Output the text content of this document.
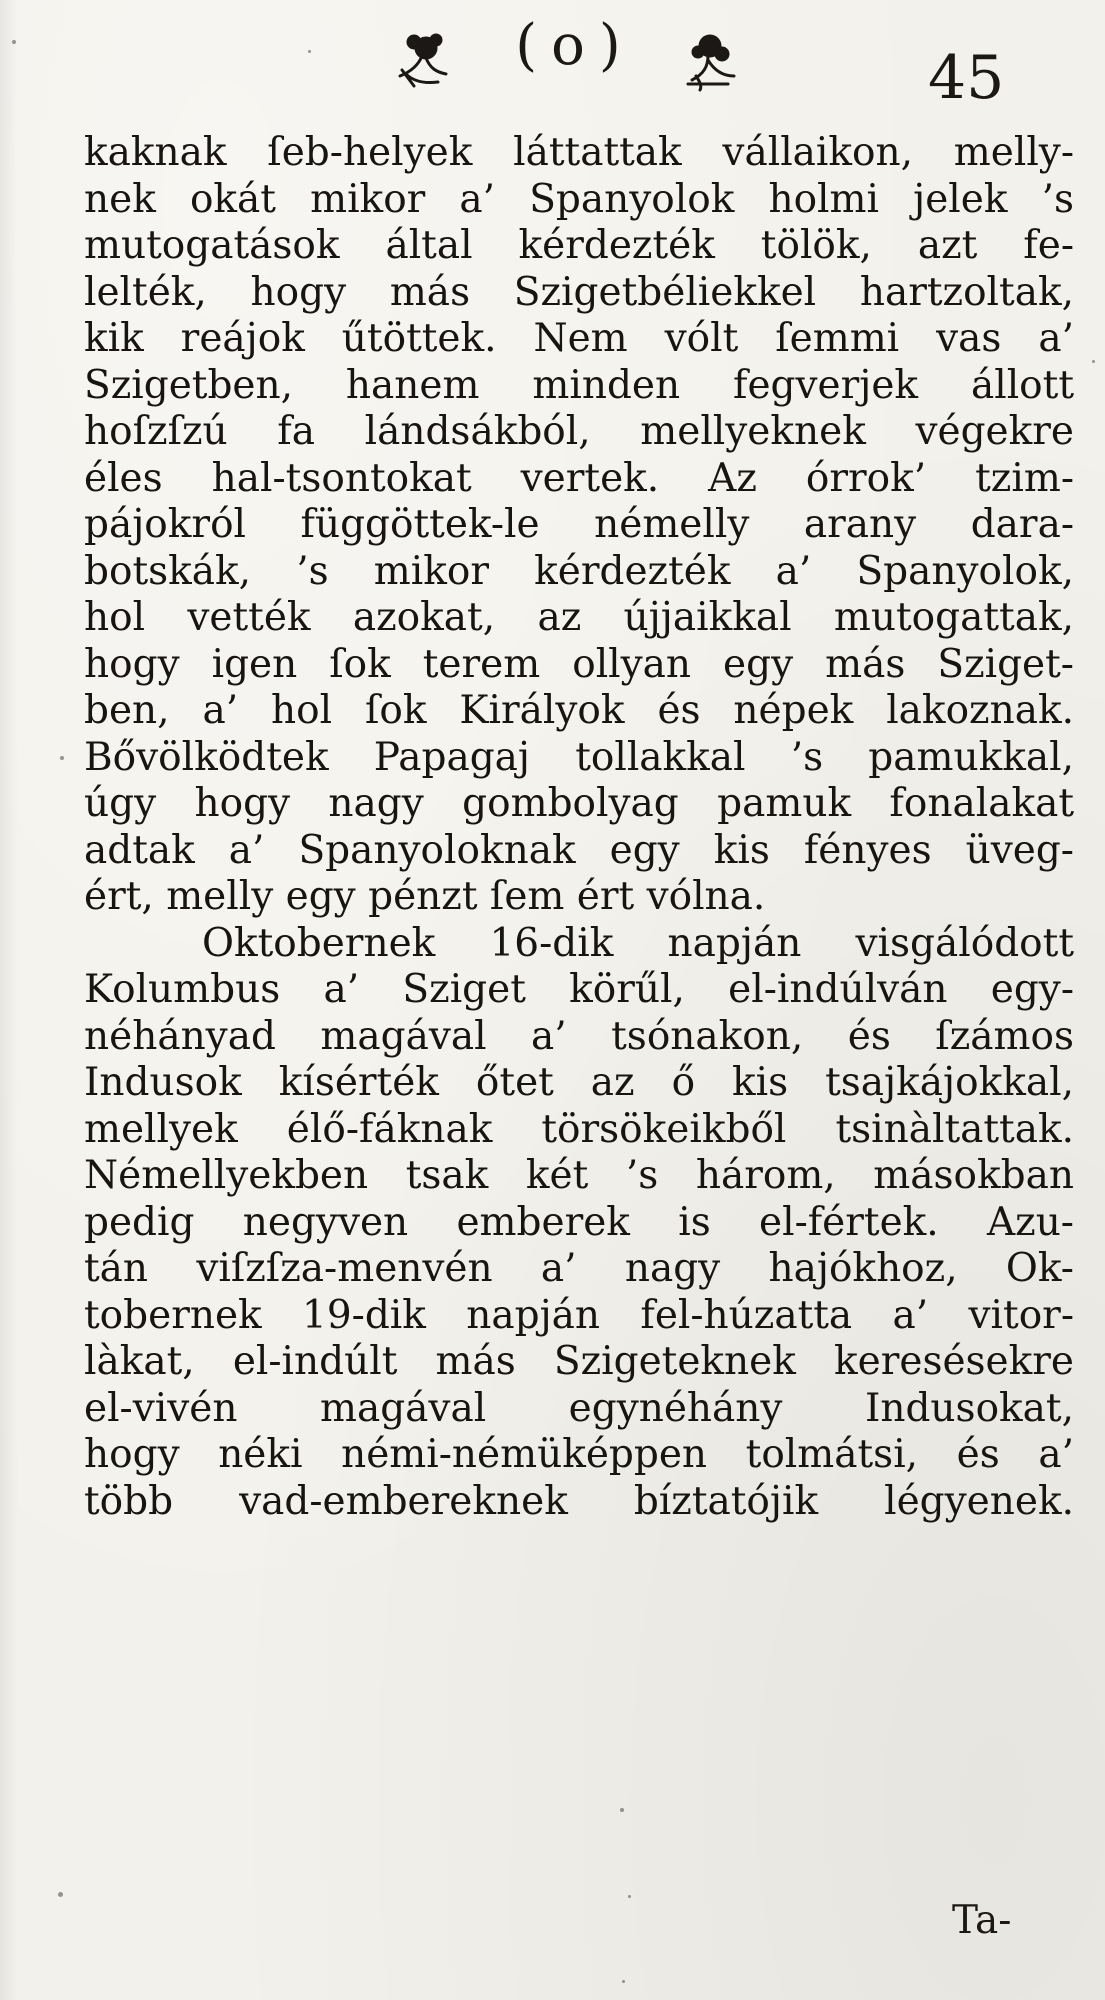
(o)	45
kaknak ſeb-helyek láttattak vállaikon, melly-
nek okát mikor a’ Spanyolok holmi jelek ’s
mutogatások által kérdezték tölök, azt fe-
lelték, hogy más Szigetbéliekkel hartzoltak,
kik reájok űtöttek. Nem vólt ſemmi vas a’
Szigetben, hanem minden fegverjek állott
hoſzſzú fa lándsákból, mellyeknek végekre
éles hal-tsontokat vertek. Az órrok’ tzim-
pájokról függöttek-le némelly arany dara-
botskák, ’s mikor kérdezték a’ Spanyolok,
hol vették azokat, az újjaikkal mutogattak,
hogy igen ſok terem ollyan egy más Sziget-
ben, a’ hol ſok Királyok és népek lakoznak.
Bővölködtek Papagaj tollakkal ’s pamukkal,
úgy hogy nagy gombolyag pamuk fonalakat
adtak a’ Spanyoloknak egy kis fényes üveg-
ért, melly egy pénzt ſem ért vólna.
Oktobernek 16-dik napján visgálódott
Kolumbus a’ Sziget körűl, el-indúlván egy-
néhányad magával a’ tsónakon, és ſzámos
Indusok kísérték őtet az ő kis tsajkájokkal,
mellyek élő-fáknak törsökeikből tsinàltattak.
Némellyekben tsak két ’s három, másokban
pedig negyven emberek is el-fértek. Azu-
tán viſzſza-menvén a’ nagy hajókhoz, Ok-
tobernek 19-dik napján fel-húzatta a’ vitor-
làkat, el-indúlt más Szigeteknek keresésekre
el-vivén magával egynéhány Indusokat,
hogy néki némi-némüképpen tolmátsi, és a’
több vad-embereknek bíztatójik légyenek.
Ta-
